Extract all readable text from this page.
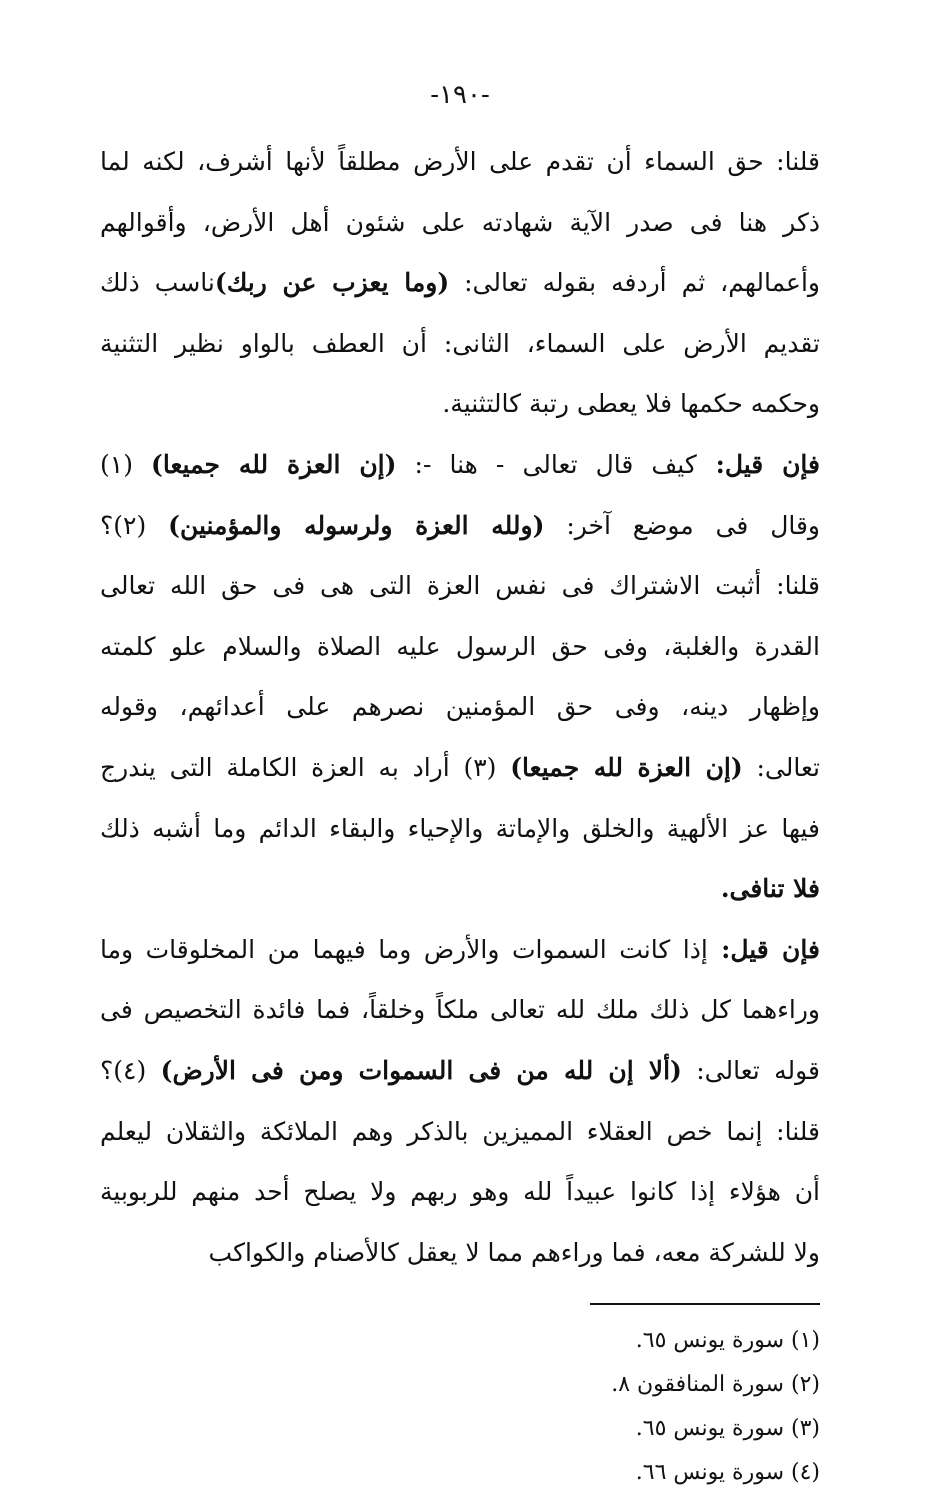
-١٩٠-
قلنا: حق السماء أن تقدم على الأرض مطلقاً لأنها أشرف، لكنه لما
ذكر هنا فى صدر الآية شهادته على شئون أهل الأرض، وأقوالهم
وأعمالهم، ثم أردفه بقوله تعالى: (وما يعزب عن ربك)ناسب ذلك
تقديم الأرض على السماء، الثانى: أن العطف بالواو نظير التثنية
وحكمه حكمها فلا يعطى رتبة كالتثنية.
فإن قيل: كيف قال تعالى - هنا -: (إن العزة لله جميعا) (١)
وقال فى موضع آخر: (ولله العزة ولرسوله والمؤمنين) (٢)؟
قلنا: أثبت الاشتراك فى نفس العزة التى هى فى حق الله تعالى
القدرة والغلبة، وفى حق الرسول عليه الصلاة والسلام علو كلمته
وإظهار دينه، وفى حق المؤمنين نصرهم على أعدائهم، وقوله
تعالى: (إن العزة لله جميعا) (٣) أراد به العزة الكاملة التى يندرج
فيها عز الألهية والخلق والإماتة والإحياء والبقاء الدائم وما أشبه ذلك
فلا تنافى.
فإن قيل: إذا كانت السموات والأرض وما فيهما من المخلوقات وما
وراءهما كل ذلك ملك لله تعالى ملكاً وخلقاً، فما فائدة التخصيص فى
قوله تعالى: (ألا إن لله من فى السموات ومن فى الأرض) (٤)؟
قلنا: إنما خص العقلاء المميزين بالذكر وهم الملائكة والثقلان ليعلم
أن هؤلاء إذا كانوا عبيداً لله وهو ربهم ولا يصلح أحد منهم للربوبية
ولا للشركة معه، فما وراءهم مما لا يعقل كالأصنام والكواكب
(١) سورة يونس ٦٥.
(٢) سورة المنافقون ٨.
(٣) سورة يونس ٦٥.
(٤) سورة يونس ٦٦.
